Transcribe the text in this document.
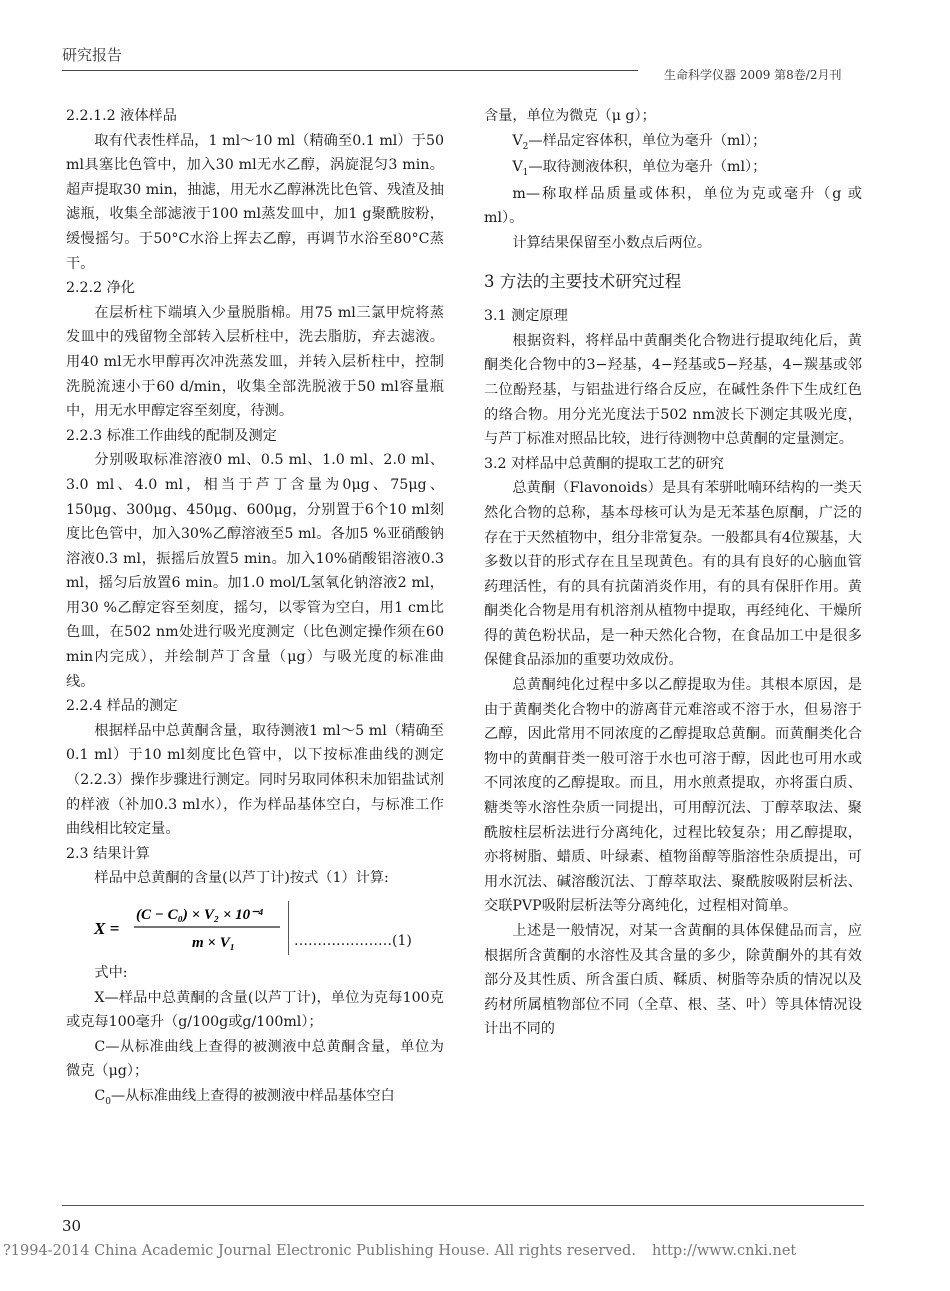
研究报告
生命科学仪器 2009 第8卷/2月刊

2.2.1.2 液体样品

取有代表性样品，1 ml～10 ml（精确至0.1 ml）于50 ml具塞比色管中，加入30 ml无水乙醇，涡旋混匀3 min。超声提取30 min，抽滤，用无水乙醇淋洗比色管、残渣及抽滤瓶，收集全部滤液于100 ml蒸发皿中，加1 g聚酰胺粉，缓慢摇匀。于50°C水浴上挥去乙醇，再调节水浴至80°C蒸干。

2.2.2 净化

在层析柱下端填入少量脱脂棉。用75 ml三氯甲烷将蒸发皿中的残留物全部转入层析柱中，洗去脂肪，弃去滤液。用40 ml无水甲醇再次冲洗蒸发皿，并转入层析柱中，控制洗脱流速小于60 d/min，收集全部洗脱液于50 ml容量瓶中，用无水甲醇定容至刻度，待测。

2.2.3 标准工作曲线的配制及测定

分别吸取标准溶液0 ml、0.5 ml、1.0 ml、2.0 ml、3.0 ml、4.0 ml，相当于芦丁含量为0μg、75μg、150μg、300μg、450μg、600μg，分别置于6个10 ml刻度比色管中，加入30%乙醇溶液至5 ml。各加5 %亚硝酸钠溶液0.3 ml，振摇后放置5 min。加入10%硝酸铝溶液0.3 ml，摇匀后放置6 min。加1.0 mol/L氢氧化钠溶液2 ml，用30 %乙醇定容至刻度，摇匀，以零管为空白，用1 cm比色皿，在502 nm处进行吸光度测定（比色测定操作须在60 min内完成），并绘制芦丁含量（μg）与吸光度的标准曲线。

2.2.4 样品的测定

根据样品中总黄酮含量，取待测液1 ml～5 ml（精确至0.1 ml）于10 ml刻度比色管中，以下按标准曲线的测定（2.2.3）操作步骤进行测定。同时另取同体积未加铝盐试剂的样液（补加0.3 ml水），作为样品基体空白，与标准工作曲线相比较定量。

2.3 结果计算

样品中总黄酮的含量(以芦丁计)按式（1）计算:

X =
(C − C₀) × V₂ × 10⁻⁴
m × V₁	…………………(1)

式中:

X—样品中总黄酮的含量(以芦丁计)，单位为克每100克或克每100毫升（g/100g或g/100ml）；

C—从标准曲线上查得的被测液中总黄酮含量，单位为微克（μg）；

$C_0—$从标准曲线上查得的被测液中样品基体空白

含量，单位为微克（μ g）；

$V_2—$样品定容体积，单位为毫升（ml）；

$V_1—$取待测液体积，单位为毫升（ml）；

m—称取样品质量或体积，单位为克或毫升（g 或 ml）。

计算结果保留至小数点后两位。

3 方法的主要技术研究过程

3.1 测定原理

根据资料，将样品中黄酮类化合物进行提取纯化后，黄酮类化合物中的3−羟基，4−羟基或5−羟基，4−羰基或邻二位酚羟基，与铝盐进行络合反应，在碱性条件下生成红色的络合物。用分光光度法于502 nm波长下测定其吸光度，与芦丁标准对照品比较，进行待测物中总黄酮的定量测定。

3.2 对样品中总黄酮的提取工艺的研究

总黄酮（Flavonoids）是具有苯骈吡喃环结构的一类天然化合物的总称，基本母核可认为是无苯基色原酮，广泛的存在于天然植物中，组分非常复杂。一般都具有4位羰基，大多数以苷的形式存在且呈现黄色。有的具有良好的心脑血管药理活性，有的具有抗菌消炎作用，有的具有保肝作用。黄酮类化合物是用有机溶剂从植物中提取，再经纯化、干燥所得的黄色粉状品，是一种天然化合物，在食品加工中是很多保健食品添加的重要功效成份。

总黄酮纯化过程中多以乙醇提取为佳。其根本原因，是由于黄酮类化合物中的游离苷元难溶或不溶于水，但易溶于乙醇，因此常用不同浓度的乙醇提取总黄酮。而黄酮类化合物中的黄酮苷类一般可溶于水也可溶于醇，因此也可用水或不同浓度的乙醇提取。而且，用水煎煮提取，亦将蛋白质、糖类等水溶性杂质一同提出，可用醇沉法、丁醇萃取法、聚酰胺柱层析法进行分离纯化，过程比较复杂；用乙醇提取，亦将树脂、蜡质、叶绿素、植物甾醇等脂溶性杂质提出，可用水沉法、碱溶酸沉法、丁醇萃取法、聚酰胺吸附层析法、交联PVP吸附层析法等分离纯化，过程相对简单。

上述是一般情况，对某一含黄酮的具体保健品而言，应根据所含黄酮的水溶性及其含量的多少，除黄酮外的其有效部分及其性质、所含蛋白质、鞣质、树脂等杂质的情况以及药材所属植物部位不同（全草、根、茎、叶）等具体情况设计出不同的

30
?1994-2014 China Academic Journal Electronic Publishing House. All rights reserved. http://www.cnki.net
